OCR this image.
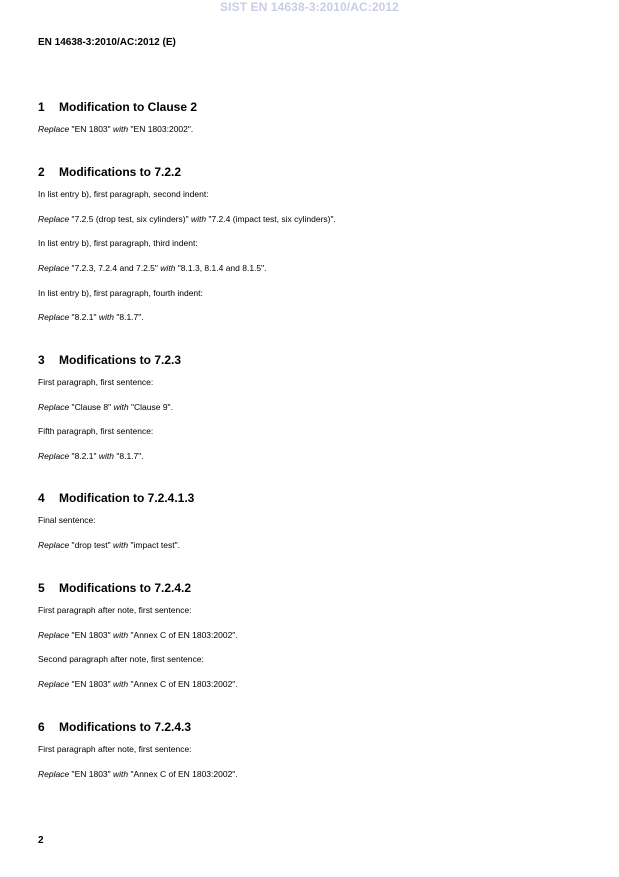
SIST EN 14638-3:2010/AC:2012
EN 14638-3:2010/AC:2012 (E)
1 Modification to Clause 2
Replace "EN 1803" with "EN 1803:2002".
2 Modifications to 7.2.2
In list entry b), first paragraph, second indent:
Replace "7.2.5 (drop test, six cylinders)" with "7.2.4 (impact test, six cylinders)".
In list entry b), first paragraph, third indent:
Replace "7.2.3, 7.2.4 and 7.2.5" with "8.1.3, 8.1.4 and 8.1.5".
In list entry b), first paragraph, fourth indent:
Replace "8.2.1" with "8.1.7".
3 Modifications to 7.2.3
First paragraph, first sentence:
Replace "Clause 8" with "Clause 9".
Fifth paragraph, first sentence:
Replace "8.2.1" with "8.1.7".
4 Modification to 7.2.4.1.3
Final sentence:
Replace "drop test" with "impact test".
5 Modifications to 7.2.4.2
First paragraph after note, first sentence:
Replace "EN 1803" with "Annex C of EN 1803:2002".
Second paragraph after note, first sentence:
Replace "EN 1803" with "Annex C of EN 1803:2002".
6 Modifications to 7.2.4.3
First paragraph after note, first sentence:
Replace "EN 1803" with "Annex C of EN 1803:2002".
2
